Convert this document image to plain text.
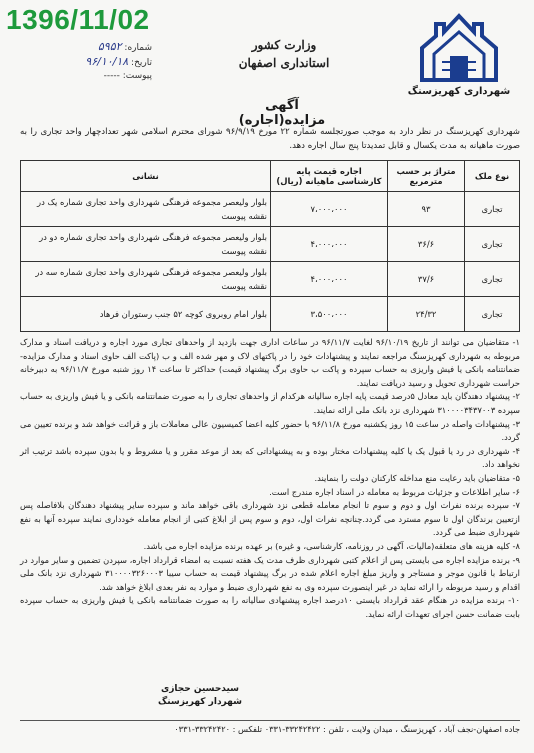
1396/11/02
شماره: ۵۹۵۲
تاریخ: ۹۶/۱۰/۱۸
پیوست: -----
وزارت کشور
استانداری اصفهان
شهرداری کهریزسنگ
آگهی مزایده(اجاره)
شهرداری کهریزسنگ در نظر دارد به موجب صورتجلسه شماره ۲۲ مورخ ۹۶/۹/۱۹ شورای محترم اسلامی شهر تعدادچهار واحد تجاری را به صورت ماهیانه به مدت یکسال و قابل تمدیدتا پنج سال اجاره دهد.
نوع ملک	متراژ بر حسب مترمربع	اجاره قیمت پایه کارشناسی ماهیانه (ریال)	نشانی
تجاری	۹۳	۷،۰۰۰،۰۰۰	بلوار ولیعصر مجموعه فرهنگی شهرداری واحد تجاری شماره یک در نقشه پیوست
تجاری	۳۶/۶	۴،۰۰۰،۰۰۰	بلوار ولیعصر مجموعه فرهنگی شهرداری واحد تجاری شماره دو در نقشه پیوست
تجاری	۳۷/۶	۴،۰۰۰،۰۰۰	بلوار ولیعصر مجموعه فرهنگی شهرداری واحد تجاری شماره سه در نقشه پیوست
تجاری	۲۴/۳۲	۳،۵۰۰،۰۰۰	بلوار امام روبروی کوچه ۵۲ جنب رستوران فرهاد

۱- متقاضیان می توانند از تاریخ ۹۶/۱۰/۱۹ لغایت ۹۶/۱۱/۷ در ساعات اداری جهت بازدید از واحدهای تجاری مورد اجاره و دریافت اسناد و مدارک مربوطه به شهرداری کهریزسنگ مراجعه نمایند و پیشنهادات خود را در پاکتهای لاک و مهر شده الف و ب (پاکت الف حاوی اسناد و مدارک مزایده-ضمانتنامه بانکی یا فیش واریزی به حساب سپرده و پاکت ب حاوی برگ پیشنهاد قیمت) حداکثر تا ساعت ۱۴ روز شنبه مورخ ۹۶/۱۱/۷ به دبیرخانه حراست شهرداری تحویل و رسید دریافت نمایند.

۲- پیشنهاد دهندگان باید معادل ۵درصد قیمت پایه اجاره سالیانه هرکدام از واحدهای تجاری را به صورت ضمانتنامه بانکی و یا فیش واریزی به حساب سپرده ۳۱۰۰۰۰۳۴۳۷۰۰۳ شهرداری نزد بانک ملی ارائه نمایند.

۳- پیشنهادات واصله در ساعت ۱۵ روز یکشنبه مورخ ۹۶/۱۱/۸ با حضور کلیه اعضا کمیسیون عالی معاملات باز و قرائت خواهد شد و برنده تعیین می گردد.

۴- شهرداری در رد یا قبول یک یا کلیه پیشنهادات مختار بوده و به پیشنهاداتی که بعد از موعد مقرر و یا مشروط و یا بدون سپرده باشد ترتیب اثر نخواهد داد.

۵- متقاضیان باید رعایت منع مداخله کارکنان دولت را بنمایند.

۶- سایر اطلاعات و جزئیات مربوط به معامله در اسناد اجاره مندرج است.

۷- سپرده برنده نفرات اول و دوم و سوم تا انجام معامله قطعی نزد شهرداری باقی خواهد ماند و سپرده سایر پیشنهاد دهندگان بلافاصله پس ازتعیین برندگان اول تا سوم مسترد می گردد.چنانچه نفرات اول، دوم و سوم پس از ابلاغ کتبی از انجام معامله خودداری نمایند سپرده آنها به نفع شهرداری ضبط می گردد.

۸- کلیه هزینه های متعلقه(مالیات، آگهی در روزنامه، کارشناسی، و غیره) بر عهده برنده مزایده اجاره می باشد.

۹- برنده مزایده اجاره می بایستی پس از اعلام کتبی شهرداری ظرف مدت یک هفته نسبت به امضاء قرارداد اجاره، سپردن تضمین و سایر موارد در ارتباط با قانون موجر و مستاجر و واریز مبلغ اجاره اعلام شده در برگ پیشنهاد قیمت به حساب سیبا ۳۱۰۰۰۰۳۲۶۰۰۰۳ شهرداری نزد بانک ملی اقدام و رسید مربوطه را ارائه نماید در غیر اینصورت سپرده وی به نفع شهرداری ضبط و موارد به نفر بعدی ابلاغ خواهد شد.

۱۰- برنده مزایده در هنگام عقد قرارداد بایستی ۱۰درصد اجاره پیشنهادی سالیانه را به صورت ضمانتنامه بانکی یا فیش واریزی به حساب سپرده بابت ضمانت حسن اجرای تعهدات ارائه نماید.

سیدحسین حجازی
شهردار کهریزسنگ
جاده اصفهان-نجف آباد ، کهریزسنگ ، میدان ولایت ، تلفن : ۳۳۲۴۲۴۲۲-۰۳۳۱ تلفکس : ۳۳۲۴۲۴۲۰-۰۳۳۱
